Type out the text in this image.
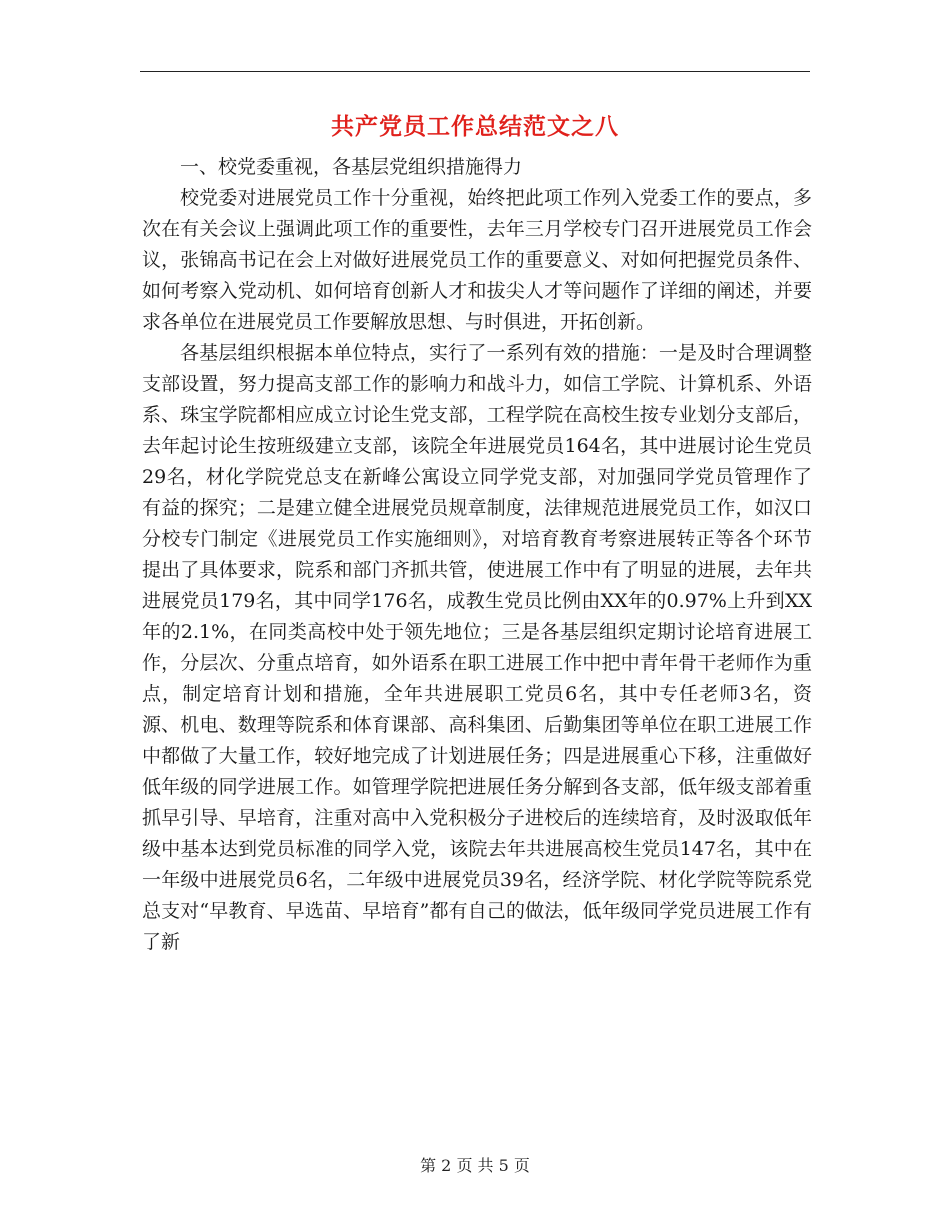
共产党员工作总结范文之八

一、校党委重视，各基层党组织措施得力

校党委对进展党员工作十分重视，始终把此项工作列入党委工作的要点，多次在有关会议上强调此项工作的重要性，去年三月学校专门召开进展党员工作会议，张锦高书记在会上对做好进展党员工作的重要意义、对如何把握党员条件、如何考察入党动机、如何培育创新人才和拔尖人才等问题作了详细的阐述，并要求各单位在进展党员工作要解放思想、与时俱进，开拓创新。

各基层组织根据本单位特点，实行了一系列有效的措施：一是及时合理调整支部设置，努力提高支部工作的影响力和战斗力，如信工学院、计算机系、外语系、珠宝学院都相应成立讨论生党支部，工程学院在高校生按专业划分支部后，去年起讨论生按班级建立支部，该院全年进展党员164名，其中进展讨论生党员29名，材化学院党总支在新峰公寓设立同学党支部，对加强同学党员管理作了有益的探究；二是建立健全进展党员规章制度，法律规范进展党员工作，如汉口分校专门制定《进展党员工作实施细则》，对培育教育考察进展转正等各个环节提出了具体要求，院系和部门齐抓共管，使进展工作中有了明显的进展，去年共进展党员179名，其中同学176名，成教生党员比例由XX年的0.97%上升到XX年的2.1%，在同类高校中处于领先地位；三是各基层组织定期讨论培育进展工作，分层次、分重点培育，如外语系在职工进展工作中把中青年骨干老师作为重点，制定培育计划和措施，全年共进展职工党员6名，其中专任老师3名，资源、机电、数理等院系和体育课部、高科集团、后勤集团等单位在职工进展工作中都做了大量工作，较好地完成了计划进展任务；四是进展重心下移，注重做好低年级的同学进展工作。如管理学院把进展任务分解到各支部，低年级支部着重抓早引导、早培育，注重对高中入党积极分子进校后的连续培育，及时汲取低年级中基本达到党员标准的同学入党，该院去年共进展高校生党员147名，其中在一年级中进展党员6名，二年级中进展党员39名，经济学院、材化学院等院系党总支对“早教育、早选苗、早培育”都有自己的做法，低年级同学党员进展工作有了新

第 2 页 共 5 页
